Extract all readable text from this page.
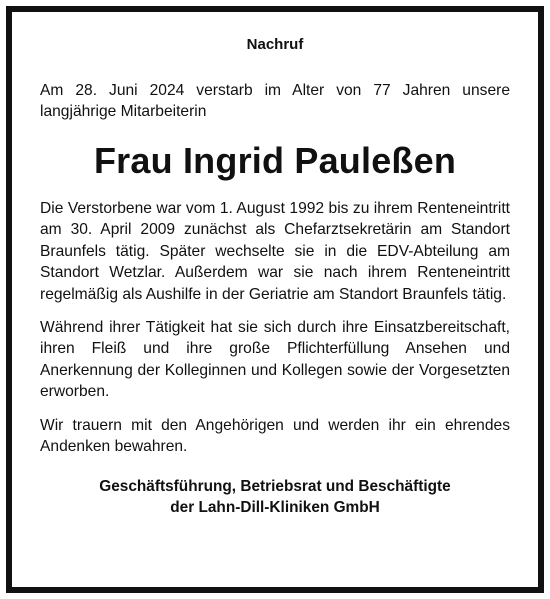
Nachruf
Am 28. Juni 2024 verstarb im Alter von 77 Jahren unsere langjährige Mitarbeiterin
Frau Ingrid Pauleßen

Die Verstorbene war vom 1. August 1992 bis zu ihrem Renteneintritt am 30. April 2009 zunächst als Chefarztsekretärin am Standort Braunfels tätig. Später wechselte sie in die EDV-Abteilung am Standort Wetzlar. Außerdem war sie nach ihrem Renteneintritt regelmäßig als Aushilfe in der Geriatrie am Standort Braunfels tätig.

Während ihrer Tätigkeit hat sie sich durch ihre Einsatzbereitschaft, ihren Fleiß und ihre große Pflichterfüllung Ansehen und Anerkennung der Kolleginnen und Kollegen sowie der Vorgesetzten erworben.

Wir trauern mit den Angehörigen und werden ihr ein ehrendes Andenken bewahren.

Geschäftsführung, Betriebsrat und Beschäftigte
der Lahn-Dill-Kliniken GmbH
